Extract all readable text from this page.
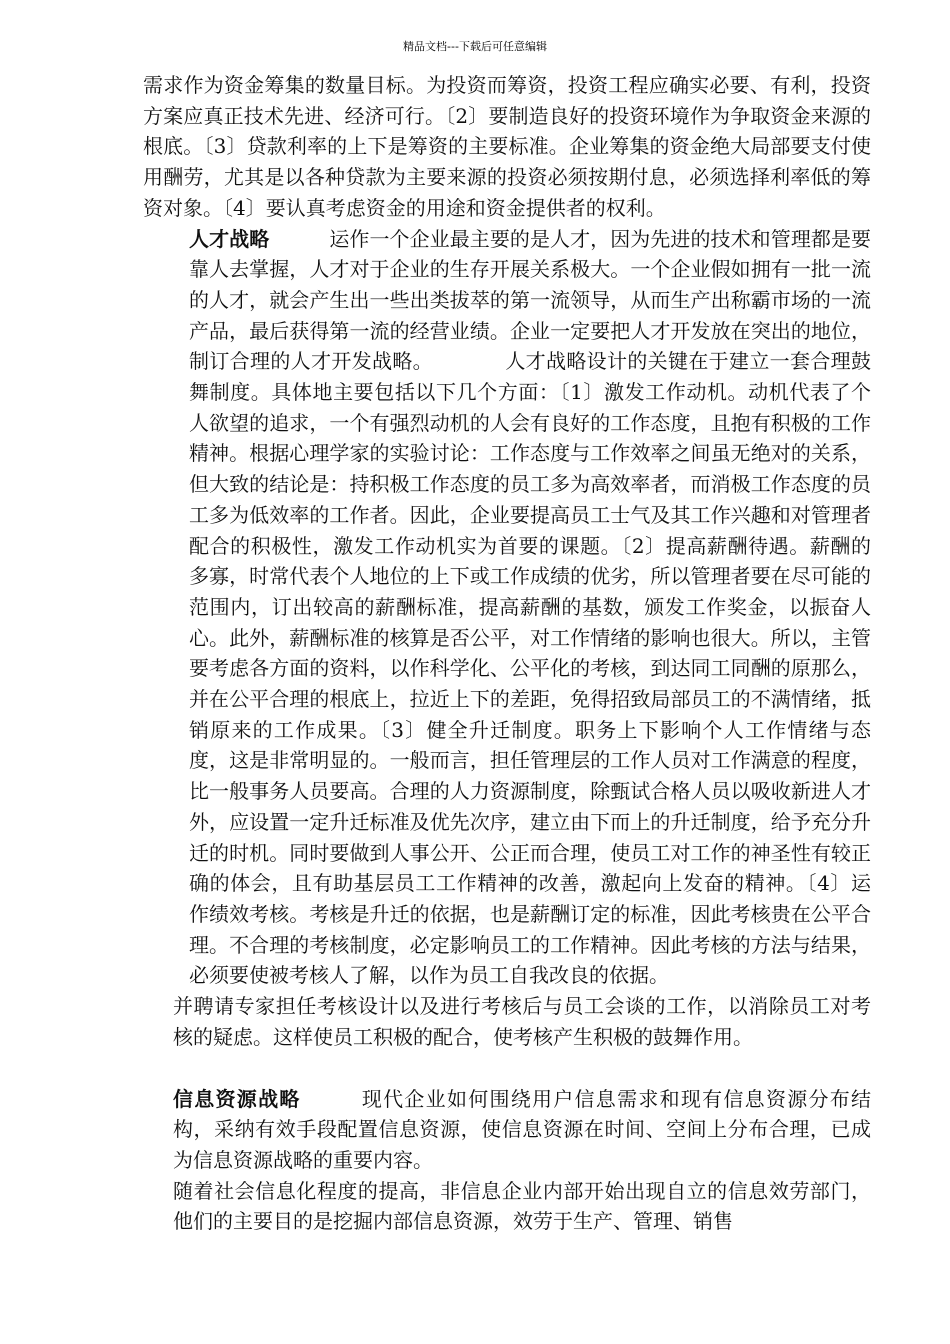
精品文档---下载后可任意编辑

需求作为资金筹集的数量目标。为投资而筹资，投资工程应确实必要、有利，投资方案应真正技术先进、经济可行。〔2〕要制造良好的投资环境作为争取资金来源的根底。〔3〕贷款利率的上下是筹资的主要标准。企业筹集的资金绝大局部要支付使用酬劳，尤其是以各种贷款为主要来源的投资必须按期付息，必须选择利率低的筹资对象。〔4〕要认真考虑资金的用途和资金提供者的权利。

人才战略	运作一个企业最主要的是人才，因为先进的技术和管理都是要靠人去掌握，人才对于企业的生存开展关系极大。一个企业假如拥有一批一流的人才，就会产生出一些出类拔萃的第一流领导，从而生产出称霸市场的一流产品，最后获得第一流的经营业绩。企业一定要把人才开发放在突出的地位，制订合理的人才开发战略。	人才战略设计的关键在于建立一套合理鼓舞制度。具体地主要包括以下几个方面：〔1〕激发工作动机。动机代表了个人欲望的追求，一个有强烈动机的人会有良好的工作态度，且抱有积极的工作精神。根据心理学家的实验讨论：工作态度与工作效率之间虽无绝对的关系，但大致的结论是：持积极工作态度的员工多为高效率者，而消极工作态度的员工多为低效率的工作者。因此，企业要提高员工士气及其工作兴趣和对管理者配合的积极性，激发工作动机实为首要的课题。〔2〕提高薪酬待遇。薪酬的多寡，时常代表个人地位的上下或工作成绩的优劣，所以管理者要在尽可能的范围内，订出较高的薪酬标准，提高薪酬的基数，颁发工作奖金，以振奋人心。此外，薪酬标准的核算是否公平，对工作情绪的影响也很大。所以，主管要考虑各方面的资料，以作科学化、公平化的考核，到达同工同酬的原那么，并在公平合理的根底上，拉近上下的差距，免得招致局部员工的不满情绪，抵销原来的工作成果。〔3〕健全升迁制度。职务上下影响个人工作情绪与态度，这是非常明显的。一般而言，担任管理层的工作人员对工作满意的程度，比一般事务人员要高。合理的人力资源制度，除甄试合格人员以吸收新进人才外，应设置一定升迁标准及优先次序，建立由下而上的升迁制度，给予充分升迁的时机。同时要做到人事公开、公正而合理，使员工对工作的神圣性有较正确的体会，且有助基层员工工作精神的改善，激起向上发奋的精神。〔4〕运作绩效考核。考核是升迁的依据，也是薪酬订定的标准，因此考核贵在公平合理。不合理的考核制度，必定影响员工的工作精神。因此考核的方法与结果，必须要使被考核人了解，以作为员工自我改良的依据。

并聘请专家担任考核设计以及进行考核后与员工会谈的工作，以消除员工对考核的疑虑。这样使员工积极的配合，使考核产生积极的鼓舞作用。

信息资源战略	现代企业如何围绕用户信息需求和现有信息资源分布结构，采纳有效手段配置信息资源，使信息资源在时间、空间上分布合理，已成为信息资源战略的重要内容。

随着社会信息化程度的提高，非信息企业内部开始出现自立的信息效劳部门，他们的主要目的是挖掘内部信息资源，效劳于生产、管理、销售
